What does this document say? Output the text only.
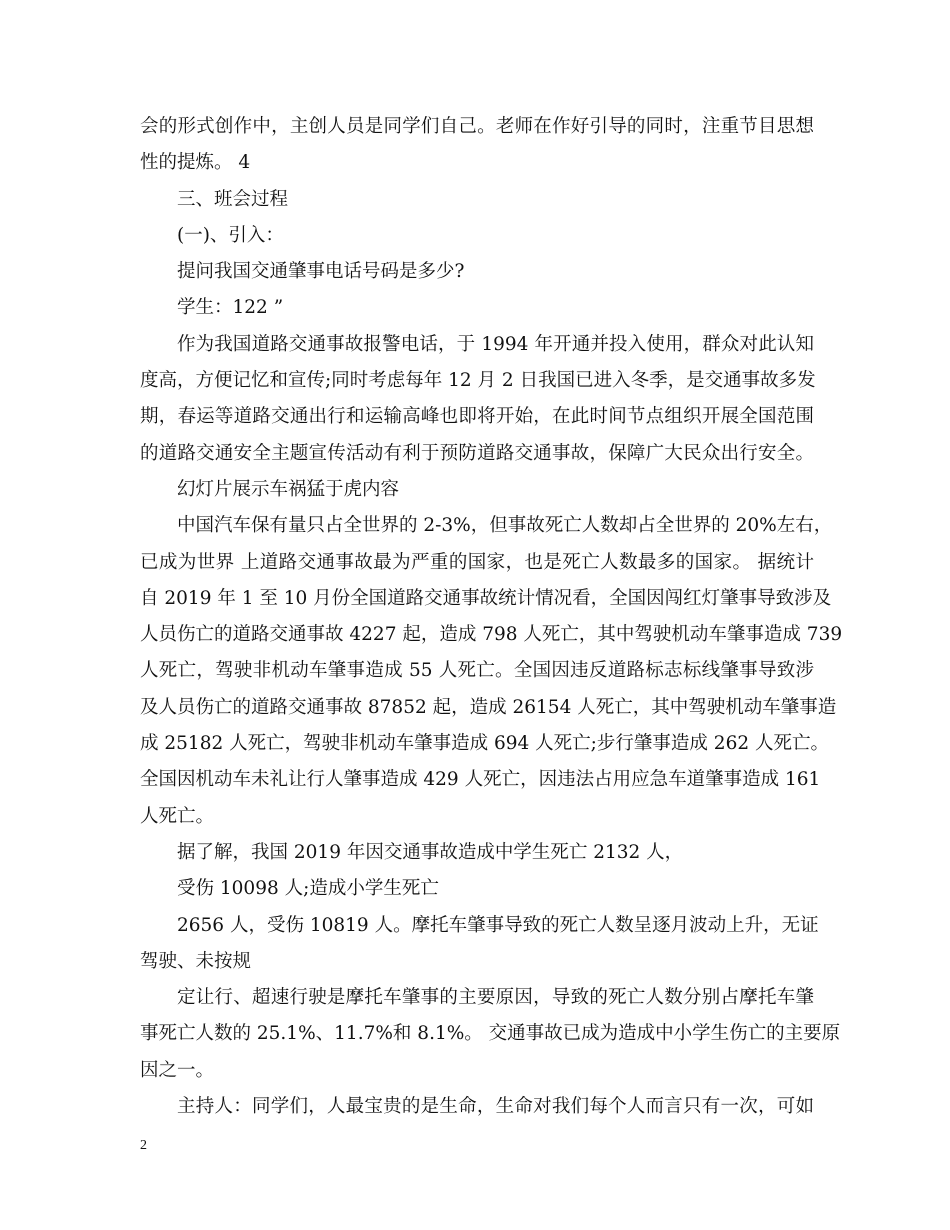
会的形式创作中，主创人员是同学们自己。老师在作好引导的同时，注重节目思想
性的提炼。 4
三、班会过程
(一)、引入：
提问我国交通肇事电话号码是多少?
学生：122 ”
作为我国道路交通事故报警电话，于 1994 年开通并投入使用，群众对此认知
度高，方便记忆和宣传;同时考虑每年 12 月 2 日我国已进入冬季，是交通事故多发
期，春运等道路交通出行和运输高峰也即将开始，在此时间节点组织开展全国范围
的道路交通安全主题宣传活动有利于预防道路交通事故，保障广大民众出行安全。
幻灯片展示车祸猛于虎内容
中国汽车保有量只占全世界的 2-3%，但事故死亡人数却占全世界的 20%左右，
已成为世界 上道路交通事故最为严重的国家，也是死亡人数最多的国家。 据统计
自 2019 年 1 至 10 月份全国道路交通事故统计情况看，全国因闯红灯肇事导致涉及
人员伤亡的道路交通事故 4227 起，造成 798 人死亡，其中驾驶机动车肇事造成 739
人死亡，驾驶非机动车肇事造成 55 人死亡。全国因违反道路标志标线肇事导致涉
及人员伤亡的道路交通事故 87852 起，造成 26154 人死亡，其中驾驶机动车肇事造
成 25182 人死亡，驾驶非机动车肇事造成 694 人死亡;步行肇事造成 262 人死亡。
全国因机动车未礼让行人肇事造成 429 人死亡，因违法占用应急车道肇事造成 161
人死亡。
据了解，我国 2019 年因交通事故造成中学生死亡 2132 人，
受伤 10098 人;造成小学生死亡
2656 人，受伤 10819 人。摩托车肇事导致的死亡人数呈逐月波动上升，无证
驾驶、未按规
定让行、超速行驶是摩托车肇事的主要原因，导致的死亡人数分别占摩托车肇
事死亡人数的 25.1%、11.7%和 8.1%。 交通事故已成为造成中小学生伤亡的主要原
因之一。
主持人：同学们，人最宝贵的是生命，生命对我们每个人而言只有一次，可如
2
